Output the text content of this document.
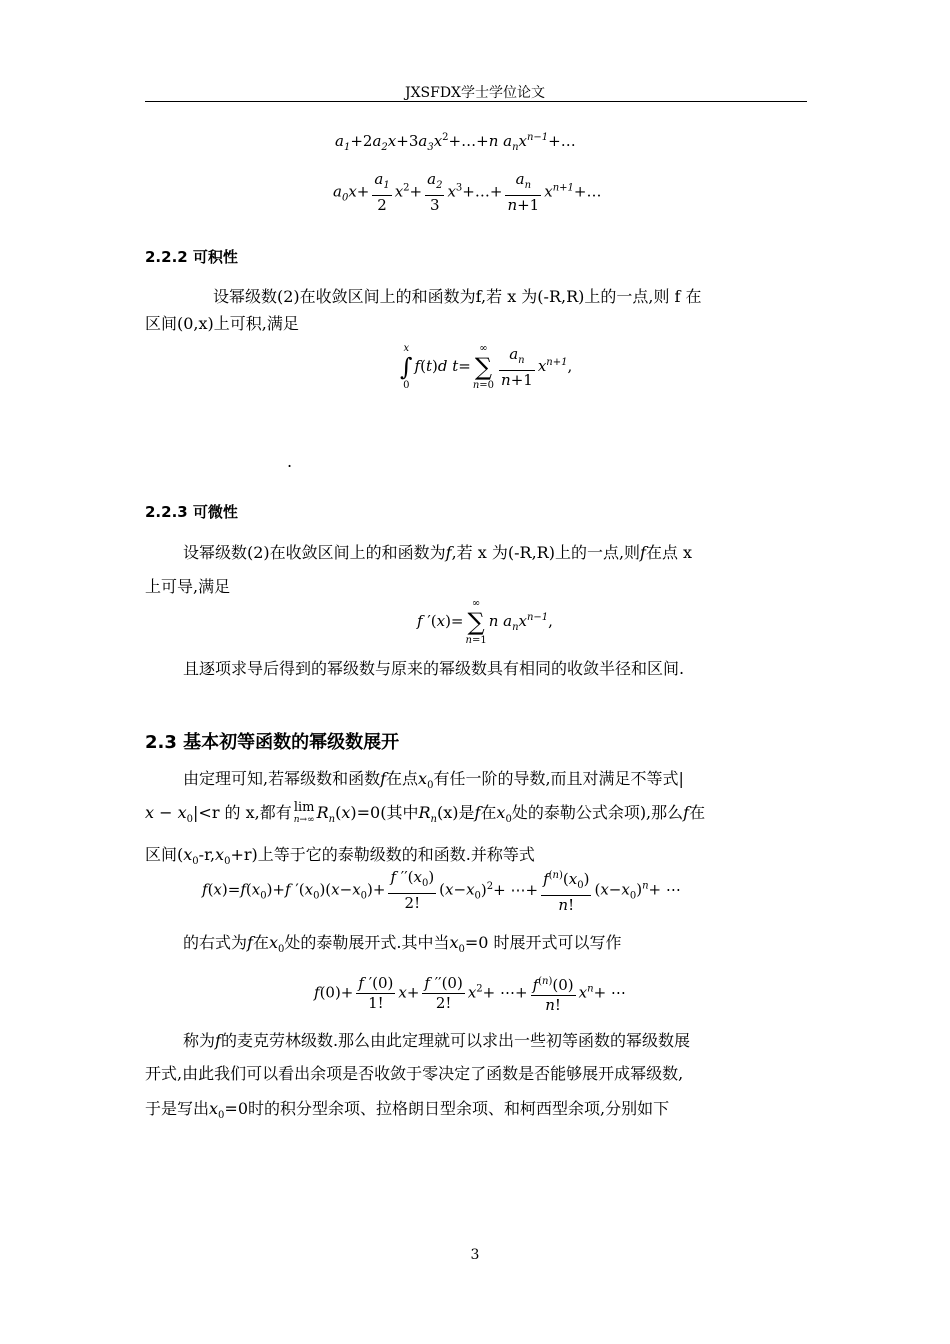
JXSFDX学士学位论文
$a_1+2a_2x+3a_3x^2+\dots+n$ $a_nx^{n-1}+\dots$
$a_0x+ \frac{a_1}{2} x^2+ \frac{a_2}{3}$ $x^3+\dots+ \frac{a_n}{n+1}$ $x^{n+1}+\dots$
2.2.2 可积性
设幂级数(2)在收敛区间上的和函数为f,若 x 为(-R,R)上的一点,则 f 在
区间(0,x)上可积,满足
x
∫
0
f(t)d t=
∞
∑
$n=0 \frac{a_n}{n+1} x^{n+1}$,
.
2.2.3 可微性
设幂级数(2)在收敛区间上的和函数为f,若 x 为(-R,R)上的一点,则f在点 x
上可导,满足
f ′(x)=
∞
∑
n=1
n $a_nx^{n-1}$,
且逐项求导后得到的幂级数与原来的幂级数具有相同的收敛半径和区间.
2.3 基本初等函数的幂级数展开
由定理可知,若幂级数和函数f在点$x_0$有任一阶的导数,而且对满足不等式|
$x - x_0|<r$ 的 x,都有 lim
n→∞ $R_n(x)=0$(其中$R_n(x)$是f在$x_0$处的泰勒公式余项),那么f在
区间$(x_0-r,x_0+r)$上等于它的泰勒级数的和函数.并称等式
$f(x)=f(x_0)+f$ $'(x_0)(x-x_0)+ \frac{f ''(x_0)}{2!} (x-x_0)^2+$ ⋯+ $\frac{f^{(n)}(x_0)}{n!} (x-x_0)^n+$ ⋯
的右式为f在$x_0$处的泰勒展开式.其中当$x_0=0$ 时展开式可以写作
$f(0)+ \frac{f '(0)}{1!} x+ \frac{f ''(0)}{2!} x^2+$ ⋯+ $\frac{f^{(n)}(0)}{n!} x^n+$ ⋯
称为f的麦克劳林级数.那么由此定理就可以求出一些初等函数的幂级数展
开式,由此我们可以看出余项是否收敛于零决定了函数是否能够展开成幂级数,
于是写出$x_0=0$时的积分型余项、拉格朗日型余项、和柯西型余项,分别如下
3
